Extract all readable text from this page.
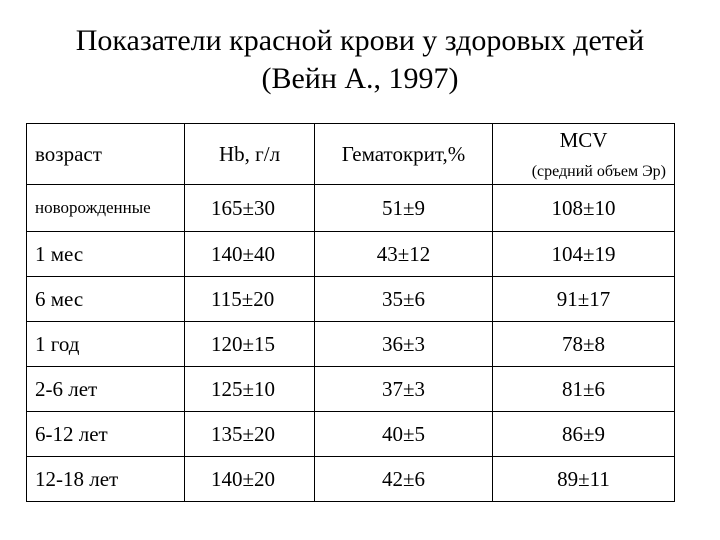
Показатели красной крови у здоровых детей
(Вейн А., 1997)
возраст	Hb, г/л	Гематокрит,%	MCV
(средний объем Эр)

новорожденные	165±30	51±9	108±10
1 мес	140±40	43±12	104±19
6 мес	115±20	35±6	91±17
1 год	120±15	36±3	78±8
2-6 лет	125±10	37±3	81±6
6-12 лет	135±20	40±5	86±9
12-18 лет	140±20	42±6	89±11
